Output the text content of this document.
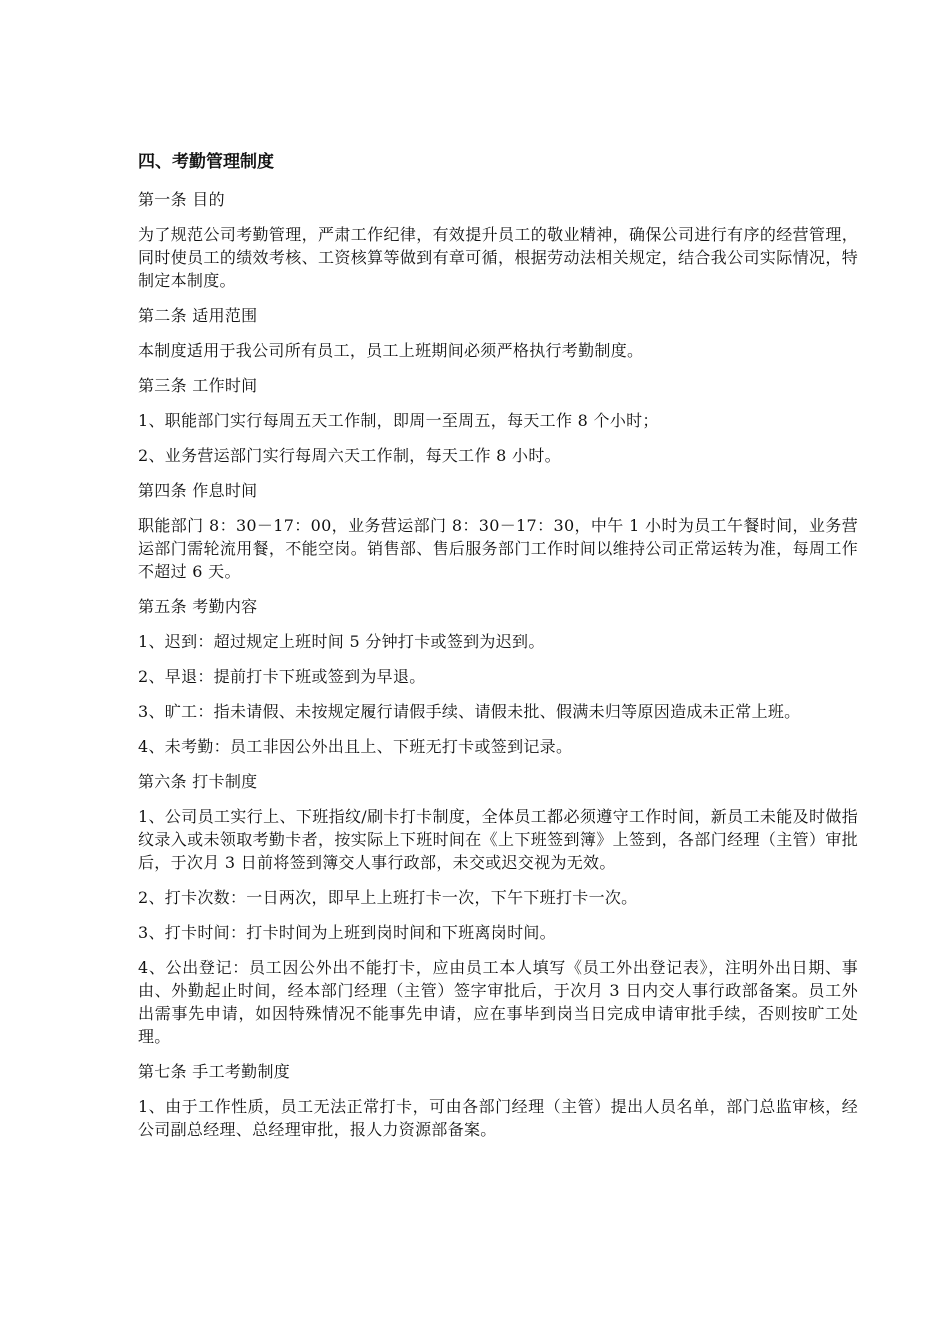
四、考勤管理制度
第一条 目的
为了规范公司考勤管理，严肃工作纪律，有效提升员工的敬业精神，确保公司进行有序的经营管理，同时使员工的绩效考核、工资核算等做到有章可循，根据劳动法相关规定，结合我公司实际情况，特制定本制度。
第二条 适用范围
本制度适用于我公司所有员工，员工上班期间必须严格执行考勤制度。
第三条 工作时间
1、职能部门实行每周五天工作制，即周一至周五，每天工作 8 个小时；
2、业务营运部门实行每周六天工作制，每天工作 8 小时。
第四条 作息时间
职能部门 8：30－17：00，业务营运部门 8：30－17：30，中午 1 小时为员工午餐时间，业务营运部门需轮流用餐，不能空岗。销售部、售后服务部门工作时间以维持公司正常运转为准，每周工作不超过 6 天。
第五条 考勤内容
1、迟到：超过规定上班时间 5 分钟打卡或签到为迟到。
2、早退：提前打卡下班或签到为早退。
3、旷工：指未请假、未按规定履行请假手续、请假未批、假满未归等原因造成未正常上班。
4、未考勤：员工非因公外出且上、下班无打卡或签到记录。
第六条 打卡制度
1、公司员工实行上、下班指纹/刷卡打卡制度，全体员工都必须遵守工作时间，新员工未能及时做指纹录入或未领取考勤卡者，按实际上下班时间在《上下班签到簿》上签到，各部门经理（主管）审批后，于次月 3 日前将签到簿交人事行政部，未交或迟交视为无效。
2、打卡次数：一日两次，即早上上班打卡一次，下午下班打卡一次。
3、打卡时间：打卡时间为上班到岗时间和下班离岗时间。
4、公出登记：员工因公外出不能打卡，应由员工本人填写《员工外出登记表》，注明外出日期、事由、外勤起止时间，经本部门经理（主管）签字审批后，于次月 3 日内交人事行政部备案。员工外出需事先申请，如因特殊情况不能事先申请，应在事毕到岗当日完成申请审批手续，否则按旷工处理。
第七条 手工考勤制度
1、由于工作性质，员工无法正常打卡，可由各部门经理（主管）提出人员名单，部门总监审核，经公司副总经理、总经理审批，报人力资源部备案。
